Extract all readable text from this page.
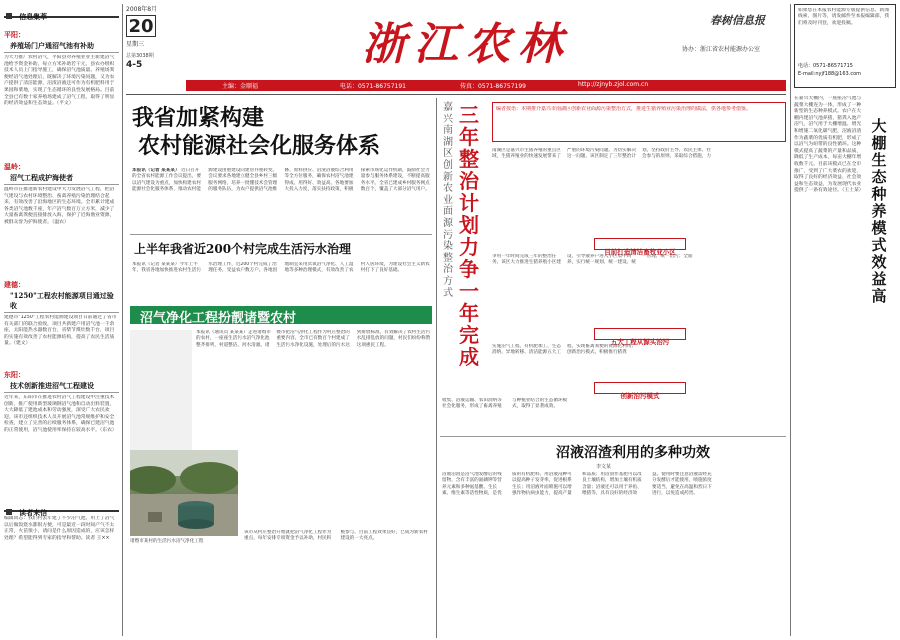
信息集萃
平阳：
养殖场门户通沼气池有补助
为大力推广农村沼气，平阳县对养殖业业主新建沼气池给予资金补助，每立方米补助若干元，县农办组织技术人员上门指导施工，确保沼气池质量。养殖场粪便经沼气池处理后，既解决了环境污染问题，又为农户提供了清洁能源，沼渣沼液还可作为有机肥料用于果园和菜地，实现了生态循环的良性发展格局。目前全县已有数十家养殖场建成了沼气工程，取得了明显的经济效益和生态效益。（平文）
温岭：
沼气工程成护海使者
温岭市在推进新农村建设中大力发展沼气工程，把沼气建设与农村环境整治、畜禽养殖污染治理结合起来，有效改善了沿海地区的生态环境。全市累计建成各类沼气池数千座，年产沼气数百万立方米，减少了大量畜禽粪便直接排放入海，保护了近海渔业资源，被群众誉为护海使者。（温农）
建德：
"1250"工程农村能源项目通过验收
建德市"1250"工程农村能源建设项目日前通过了省市有关部门的联合验收，项目共新建户用沼气池一千余座，太阳能热水器数百台，省柴节煤灶数千台，项目的实施有效改善了农村能源结构，提高了农民生活质量。（建文）
东阳：
技术创新推进沼气工程建设
近年来，东阳市在推进农村沼气工程建设中注重技术创新，推广使用新型玻璃钢沼气池和自动出料装置，大大降低了建池成本和劳动强度，深受广大农民欢迎。该市还组织技术人员开展沼气池常规维护和安全检查，建立了完善的后续服务体系，确保已建沼气池的正常使用，沼气池使用率保持在较高水平。（东农）
读者来信
编辑同志：我们村去年建了不少沼气池，用上了沼气以后做饭烧水都很方便，可是最近一段时间产气不太正常，火苗很小，请问是什么原因造成的，应该怎样处理？希望能得到专家的指导和帮助。读者 王××
2008年8月
20
星期三
总第3038期
4-5	浙江农林	春树信息报
协办：浙江省农村能源办公室
主编：金顺福	电话：0571-86757191	传真：0571-86757199	http://zjnyb.zjol.com.cn
我省加紧构建
农村能源社会化服务体系
本报讯（记者 某某某） 近日召开的全省农村能源工作会议提出，要以沼气建设为重点，加快构建农村能源社会化服务体系，推动农村能源建设由重建设向建管并重转变。会议要求各地建立健全县乡村三级服务网络，培养一批懂技术会管理的服务队伍，为农户提供沼气池维修、原料供应、沼渣沼液综合利用等全方位服务，确保农村沼气池建得成、用得好、效益高。各地要加大投入力度，落实扶持政策，积极探索市场化运作机制，鼓励社会力量参与服务体系建设，不断提高服务水平。全省已建成乡村服务网点数百个，覆盖了大部分沼气用户。
上半年我省近200个村完成生活污水治理
本报讯（记者 某某某）今年上半年，我省各地加快推进农村生活污水治理工作，近200个村完成了治理任务，受益农户数万户。各地因地制宜采用厌氧沼气净化、人工湿地等多种治理模式，有效改善了农村人居环境，为建设社会主义新农村打下了良好基础。
沼气净化工程扮靓诸暨农村
本报讯（通讯员 某某某）走进诸暨市的农村，一座座生活污水沼气净化池整齐排列，村道整洁、河水清澈。诸暨市把沼气净化工程作为村庄整治的重要内容，全市已有数百个村建成了生活污水净化设施，处理后的污水达到排放标准，有效解决了农村生活污水乱排乱放的问题，村民们纷纷称赞这项惠民工程。
诸暨市某村的生活污水沼气净化工程
该市从村庄整治开始就把沼气净化工程作为重点，每年安排专项资金予以补助，村民积极参与，目前工程效果良好，已成为新农村建设的一大亮点。
嘉
兴
南
湖
区
创
新
农
业
面
源
污
染
整
治
方
式
三
年
整
治
计
划
力
争
一
年
完
成
编者按语：本期推介嘉兴市南湖区创新农业面源污染整治方式，推进生猪养殖业污染治理的做法，供各地参考借鉴。
南湖区是嘉兴市生猪养殖的重点区域，生猪养殖业的快速发展带来了严重的环境污染问题。为切实解决这一问题，该区制定了三年整治计划，坚持政府主导、农民主体、社会参与的原则，采取综合措施，力
目前打造清洁畜牧业小区
争用一年时间完成三年的整治任务。该区大力推进生猪养殖小区建设，引导散养户进入小区集中饲养，实行统一规划、统一建设、统一管理、统一治污；全面
五大工程从源头治污
实施沼气工程、有机肥加工、生态消纳、异地转移、清洁能源五大工程，实现畜禽粪便的资源化利用；创新治污模式，积极推行猪粪
创新治污模式
收集、沼液运输、农田消纳等社会化服务，形成了畜禽养殖与种植业结合的生态循环模式，取得了显著成效。
沼液沼渣利用的多种功效
李文某
沼液沼渣是沼气池发酵后的残留物，含有丰富的氮磷钾等营养元素和多种氨基酸、生长素、维生素等活性物质，是优质的有机肥料。用沼液浸种可以提高种子发芽率，促进根系生长；用沼液叶面喷施可以增强作物抗病虫能力，提高产量和品质；用沼渣作基肥可以改良土壤结构，增加土壤有机质含量；沼液还可以用于养鱼、喂猪等，具有良好的经济效益。使用时要注意沼液需经充分发酵后才能使用，喷施浓度要适当，避免在高温和烈日下进行，以免造成药害。
如果您在本报农村能源专版提供信息、新闻线索、图片等，请发邮件至本报编辑部，我们将及时刊登，欢迎投稿。
电话：0571-86571715
E-mail:nyjf188@163.com
大
棚
生
态
种
养
模
式
效
益
高
在嘉兴大棚内，一座座沼气池与蔬菜大棚连为一体，形成了一种新型的生态种养模式。农户在大棚内建沼气池养猪，猪粪入池产沼气，沼气用于大棚增温、增光和增施二氧化碳气肥，沼液沼渣作为蔬菜的优质有机肥，形成了以沼气为纽带的良性循环。这种模式提高了蔬菜的产量和品质，降低了生产成本，每亩大棚年增收数千元。目前该模式已在全市推广，受到了广大菜农的欢迎，取得了良好的经济效益、社会效益和生态效益，为发展现代农业提供了一条有效途径。（王土某）
